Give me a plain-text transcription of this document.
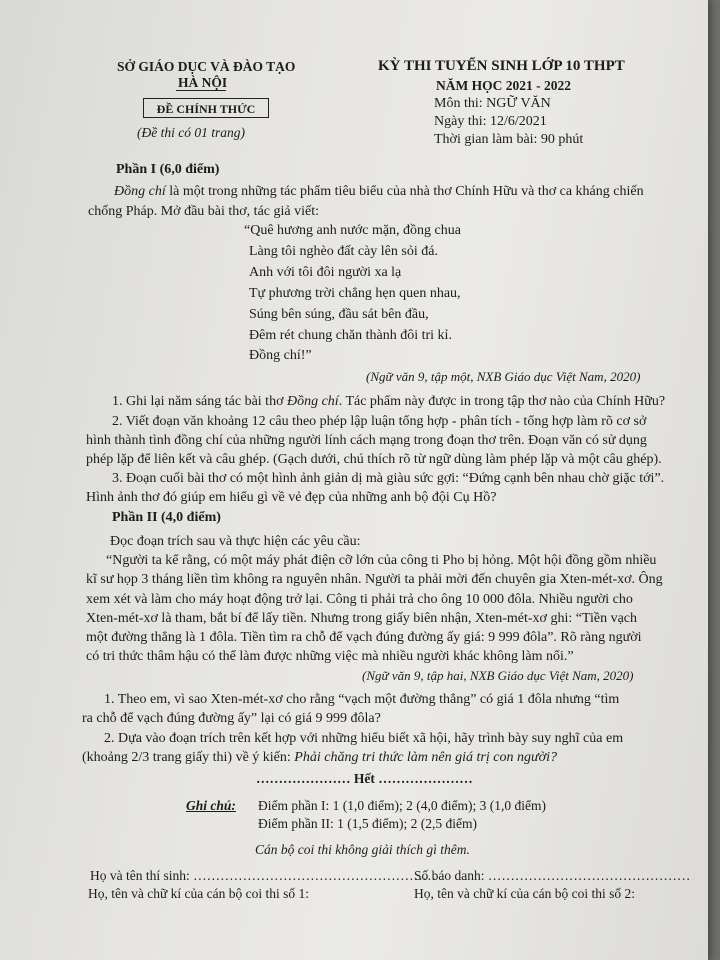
SỞ GIÁO DỤC VÀ ĐÀO TẠO
HÀ NỘI
ĐỀ CHÍNH THỨC
(Đề thi có 01 trang)
KỲ THI TUYỂN SINH LỚP 10 THPT
NĂM HỌC 2021 - 2022
Môn thi: NGỮ VĂN
Ngày thi: 12/6/2021
Thời gian làm bài: 90 phút
Phần I (6,0 điểm)
Đồng chí là một trong những tác phẩm tiêu biểu của nhà thơ Chính Hữu và thơ ca kháng chiến
chống Pháp. Mở đầu bài thơ, tác giả viết:
“Quê hương anh nước mặn, đồng chua
Làng tôi nghèo đất cày lên sỏi đá.
Anh với tôi đôi người xa lạ
Tự phương trời chẳng hẹn quen nhau,
Súng bên súng, đầu sát bên đầu,
Đêm rét chung chăn thành đôi tri kỉ.
Đồng chí!”
(Ngữ văn 9, tập một, NXB Giáo dục Việt Nam, 2020)
1. Ghi lại năm sáng tác bài thơ Đồng chí. Tác phẩm này được in trong tập thơ nào của Chính Hữu?
2. Viết đoạn văn khoảng 12 câu theo phép lập luận tổng hợp - phân tích - tổng hợp làm rõ cơ sở
hình thành tình đồng chí của những người lính cách mạng trong đoạn thơ trên. Đoạn văn có sử dụng
phép lặp để liên kết và câu ghép. (Gạch dưới, chú thích rõ từ ngữ dùng làm phép lặp và một câu ghép).
3. Đoạn cuối bài thơ có một hình ảnh giản dị mà giàu sức gợi: “Đứng cạnh bên nhau chờ giặc tới”.
Hình ảnh thơ đó giúp em hiểu gì về vẻ đẹp của những anh bộ đội Cụ Hồ?
Phần II (4,0 điểm)
Đọc đoạn trích sau và thực hiện các yêu cầu:
“Người ta kể rằng, có một máy phát điện cỡ lớn của công ti Pho bị hỏng. Một hội đồng gồm nhiều
kĩ sư họp 3 tháng liền tìm không ra nguyên nhân. Người ta phải mời đến chuyên gia Xten-mét-xơ. Ông
xem xét và làm cho máy hoạt động trở lại. Công ti phải trả cho ông 10 000 đôla. Nhiều người cho
Xten-mét-xơ là tham, bắt bí để lấy tiền. Nhưng trong giấy biên nhận, Xten-mét-xơ ghi: “Tiền vạch
một đường thẳng là 1 đôla. Tiền tìm ra chỗ để vạch đúng đường ấy giá: 9 999 đôla”. Rõ ràng người
có tri thức thâm hậu có thể làm được những việc mà nhiều người khác không làm nổi.”
(Ngữ văn 9, tập hai, NXB Giáo dục Việt Nam, 2020)
1. Theo em, vì sao Xten-mét-xơ cho rằng “vạch một đường thẳng” có giá 1 đôla nhưng “tìm
ra chỗ để vạch đúng đường ấy” lại có giá 9 999 đôla?
2. Dựa vào đoạn trích trên kết hợp với những hiểu biết xã hội, hãy trình bày suy nghĩ của em
(khoảng 2/3 trang giấy thi) về ý kiến: Phải chăng tri thức làm nên giá trị con người?
………………… Hết …………………
Ghi chú: Điểm phần I: 1 (1,0 điểm); 2 (4,0 điểm); 3 (1,0 điểm)
Điểm phần II: 1 (1,5 điểm); 2 (2,5 điểm)
Cán bộ coi thi không giải thích gì thêm.
Họ và tên thí sinh: ………………………………………………
Số báo danh: ………………………………………
Họ, tên và chữ kí của cán bộ coi thi số 1:	Họ, tên và chữ kí của cán bộ coi thi số 2:
